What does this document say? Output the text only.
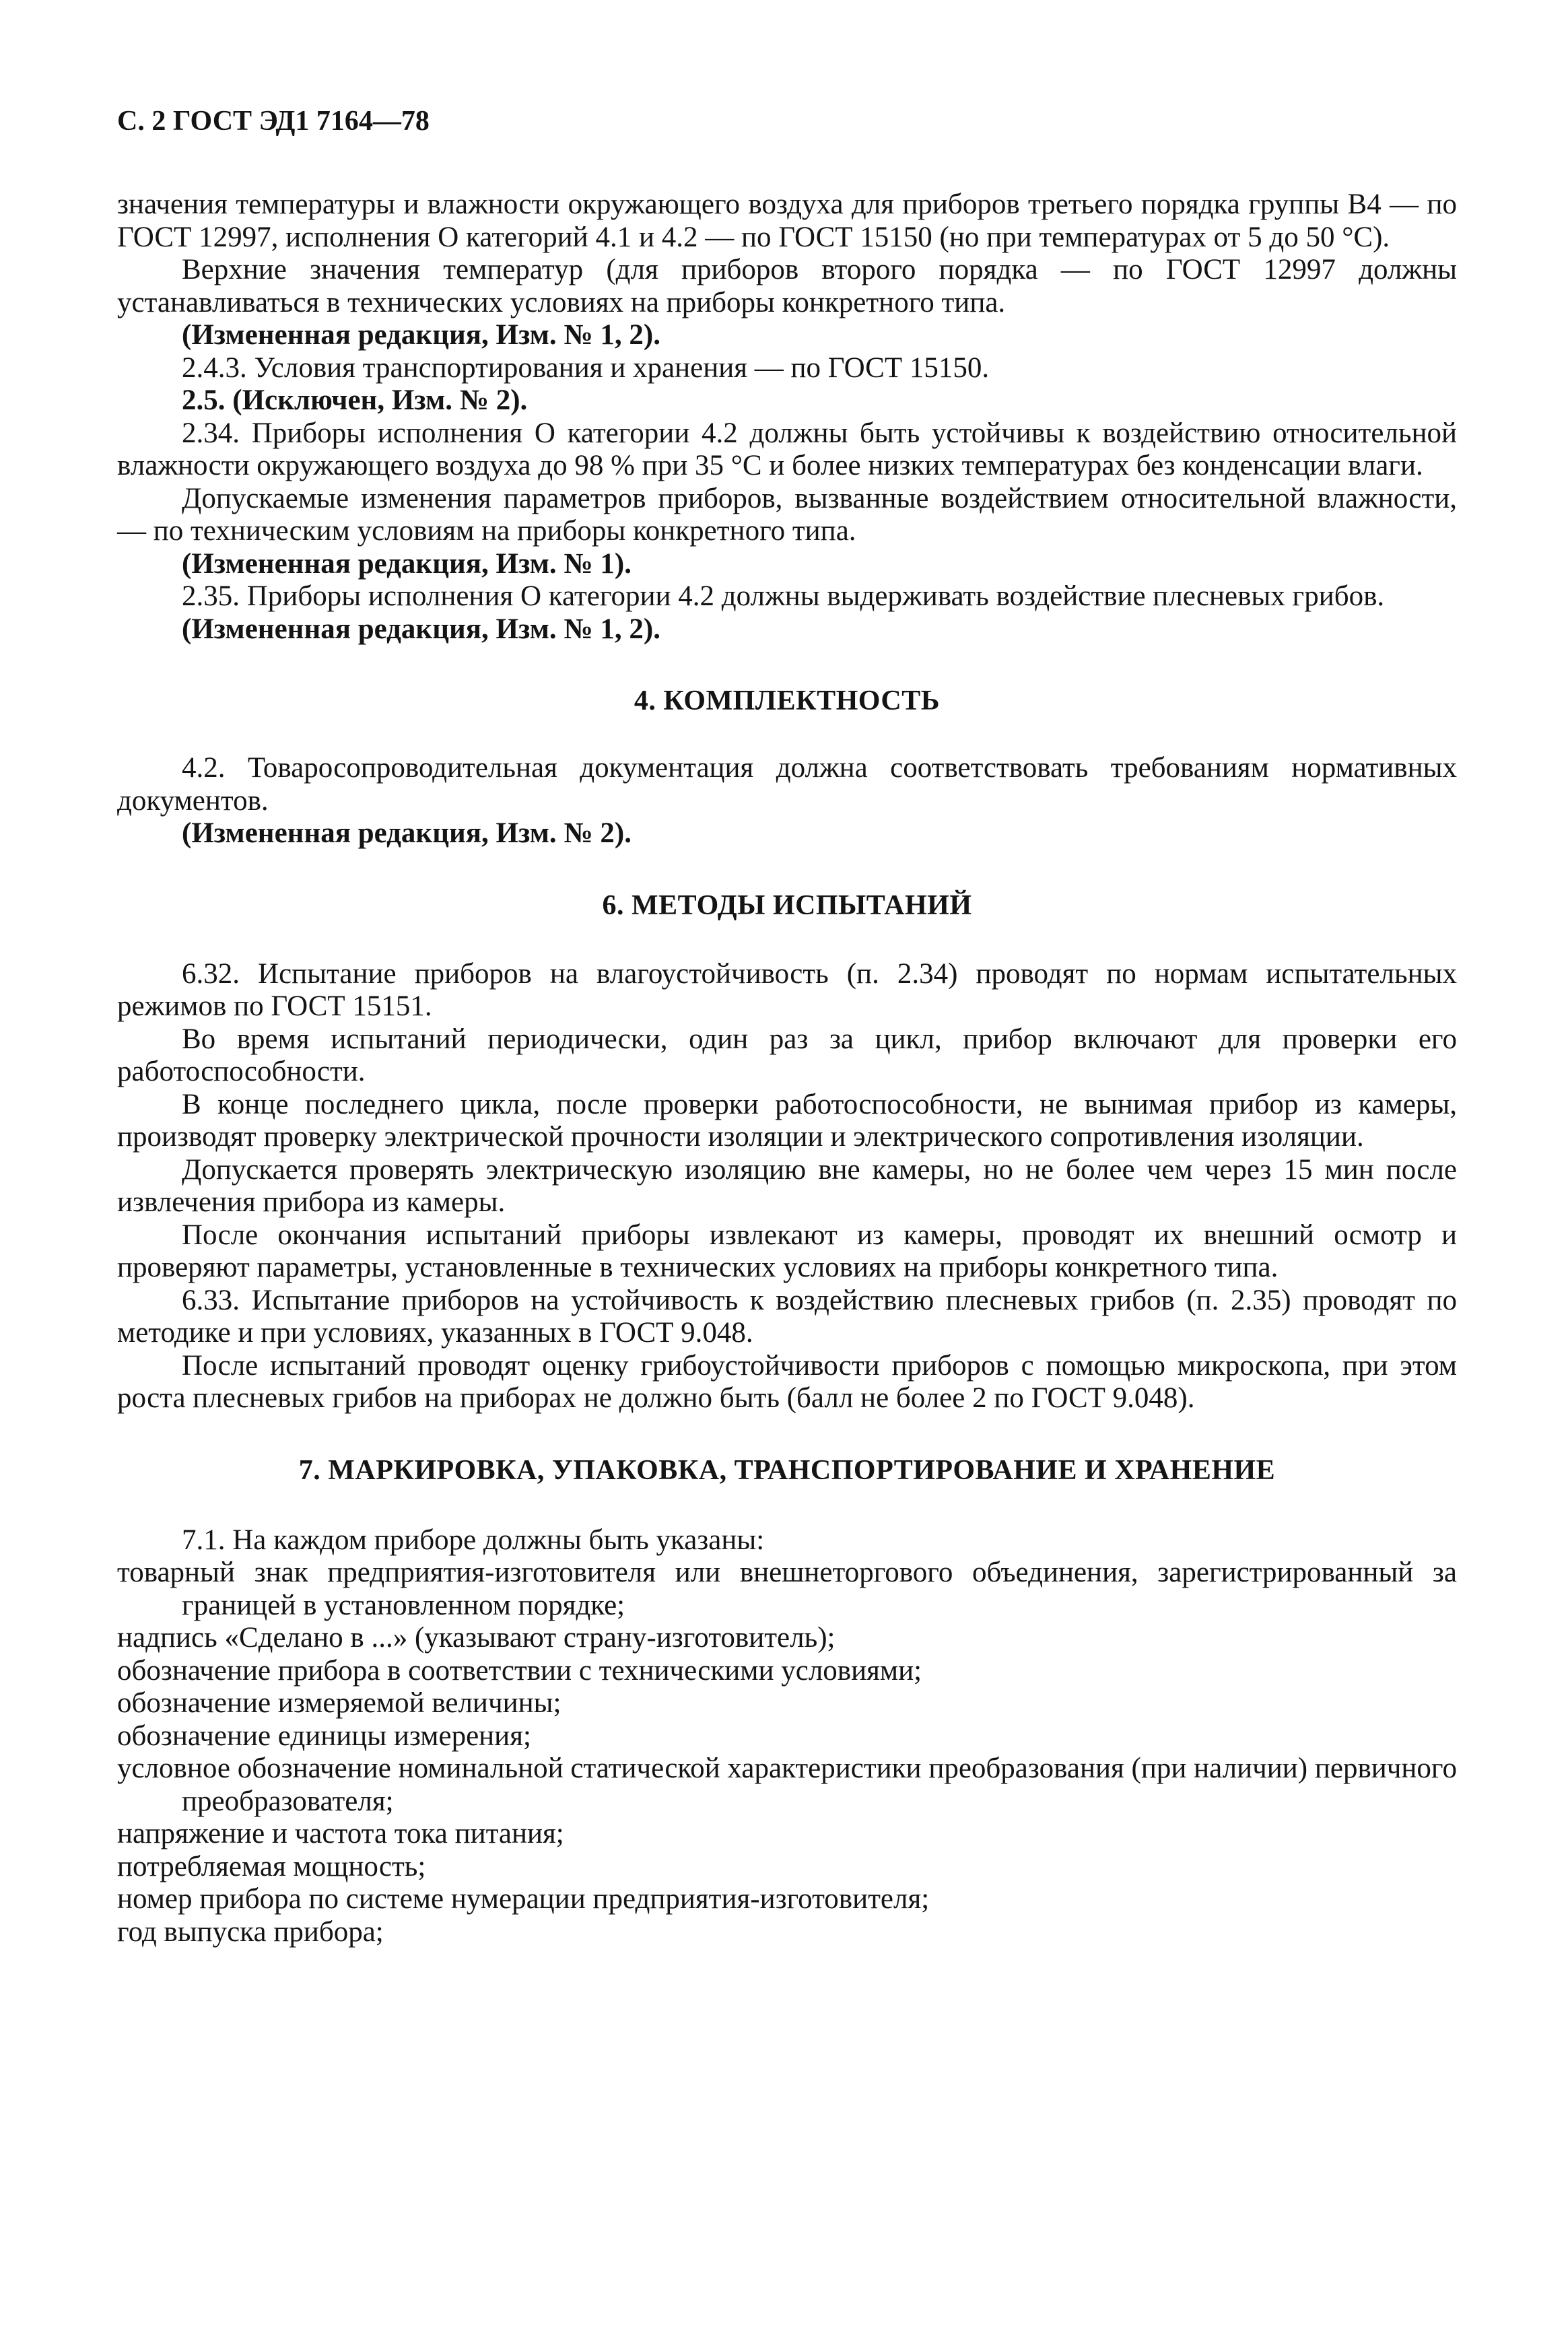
С. 2 ГОСТ ЭД1 7164—78

значения температуры и влажности окружающего воздуха для приборов третьего порядка группы В4 — по ГОСТ 12997, исполнения О категорий 4.1 и 4.2 — по ГОСТ 15150 (но при температурах от 5 до 50 °С).

Верхние значения температур (для приборов второго порядка — по ГОСТ 12997 должны устанавливаться в технических условиях на приборы конкретного типа.

(Измененная редакция, Изм. № 1, 2).

2.4.3. Условия транспортирования и хранения — по ГОСТ 15150.

2.5. (Исключен, Изм. № 2).

2.34. Приборы исполнения О категории 4.2 должны быть устойчивы к воздействию относительной влажности окружающего воздуха до 98 % при 35 °С и более низких температурах без конденсации влаги.

Допускаемые изменения параметров приборов, вызванные воздействием относительной влажности, — по техническим условиям на приборы конкретного типа.

(Измененная редакция, Изм. № 1).

2.35. Приборы исполнения О категории 4.2 должны выдерживать воздействие плесневых грибов.

(Измененная редакция, Изм. № 1, 2).

4. КОМПЛЕКТНОСТЬ

4.2. Товаросопроводительная документация должна соответствовать требованиям нормативных документов.

(Измененная редакция, Изм. № 2).

6. МЕТОДЫ ИСПЫТАНИЙ

6.32. Испытание приборов на влагоустойчивость (п. 2.34) проводят по нормам испытательных режимов по ГОСТ 15151.

Во время испытаний периодически, один раз за цикл, прибор включают для проверки его работоспособности.

В конце последнего цикла, после проверки работоспособности, не вынимая прибор из камеры, производят проверку электрической прочности изоляции и электрического сопротивления изоляции.

Допускается проверять электрическую изоляцию вне камеры, но не более чем через 15 мин после извлечения прибора из камеры.

После окончания испытаний приборы извлекают из камеры, проводят их внешний осмотр и проверяют параметры, установленные в технических условиях на приборы конкретного типа.

6.33. Испытание приборов на устойчивость к воздействию плесневых грибов (п. 2.35) проводят по методике и при условиях, указанных в ГОСТ 9.048.

После испытаний проводят оценку грибоустойчивости приборов с помощью микроскопа, при этом роста плесневых грибов на приборах не должно быть (балл не более 2 по ГОСТ 9.048).

7. МАРКИРОВКА, УПАКОВКА, ТРАНСПОРТИРОВАНИЕ И ХРАНЕНИЕ

7.1. На каждом приборе должны быть указаны:

товарный знак предприятия-изготовителя или внешнеторгового объединения, зарегистрированный за границей в установленном порядке;

надпись «Сделано в ...» (указывают страну-изготовитель);

обозначение прибора в соответствии с техническими условиями;

обозначение измеряемой величины;

обозначение единицы измерения;

условное обозначение номинальной статической характеристики преобразования (при наличии) первичного преобразователя;

напряжение и частота тока питания;

потребляемая мощность;

номер прибора по системе нумерации предприятия-изготовителя;

год выпуска прибора;
